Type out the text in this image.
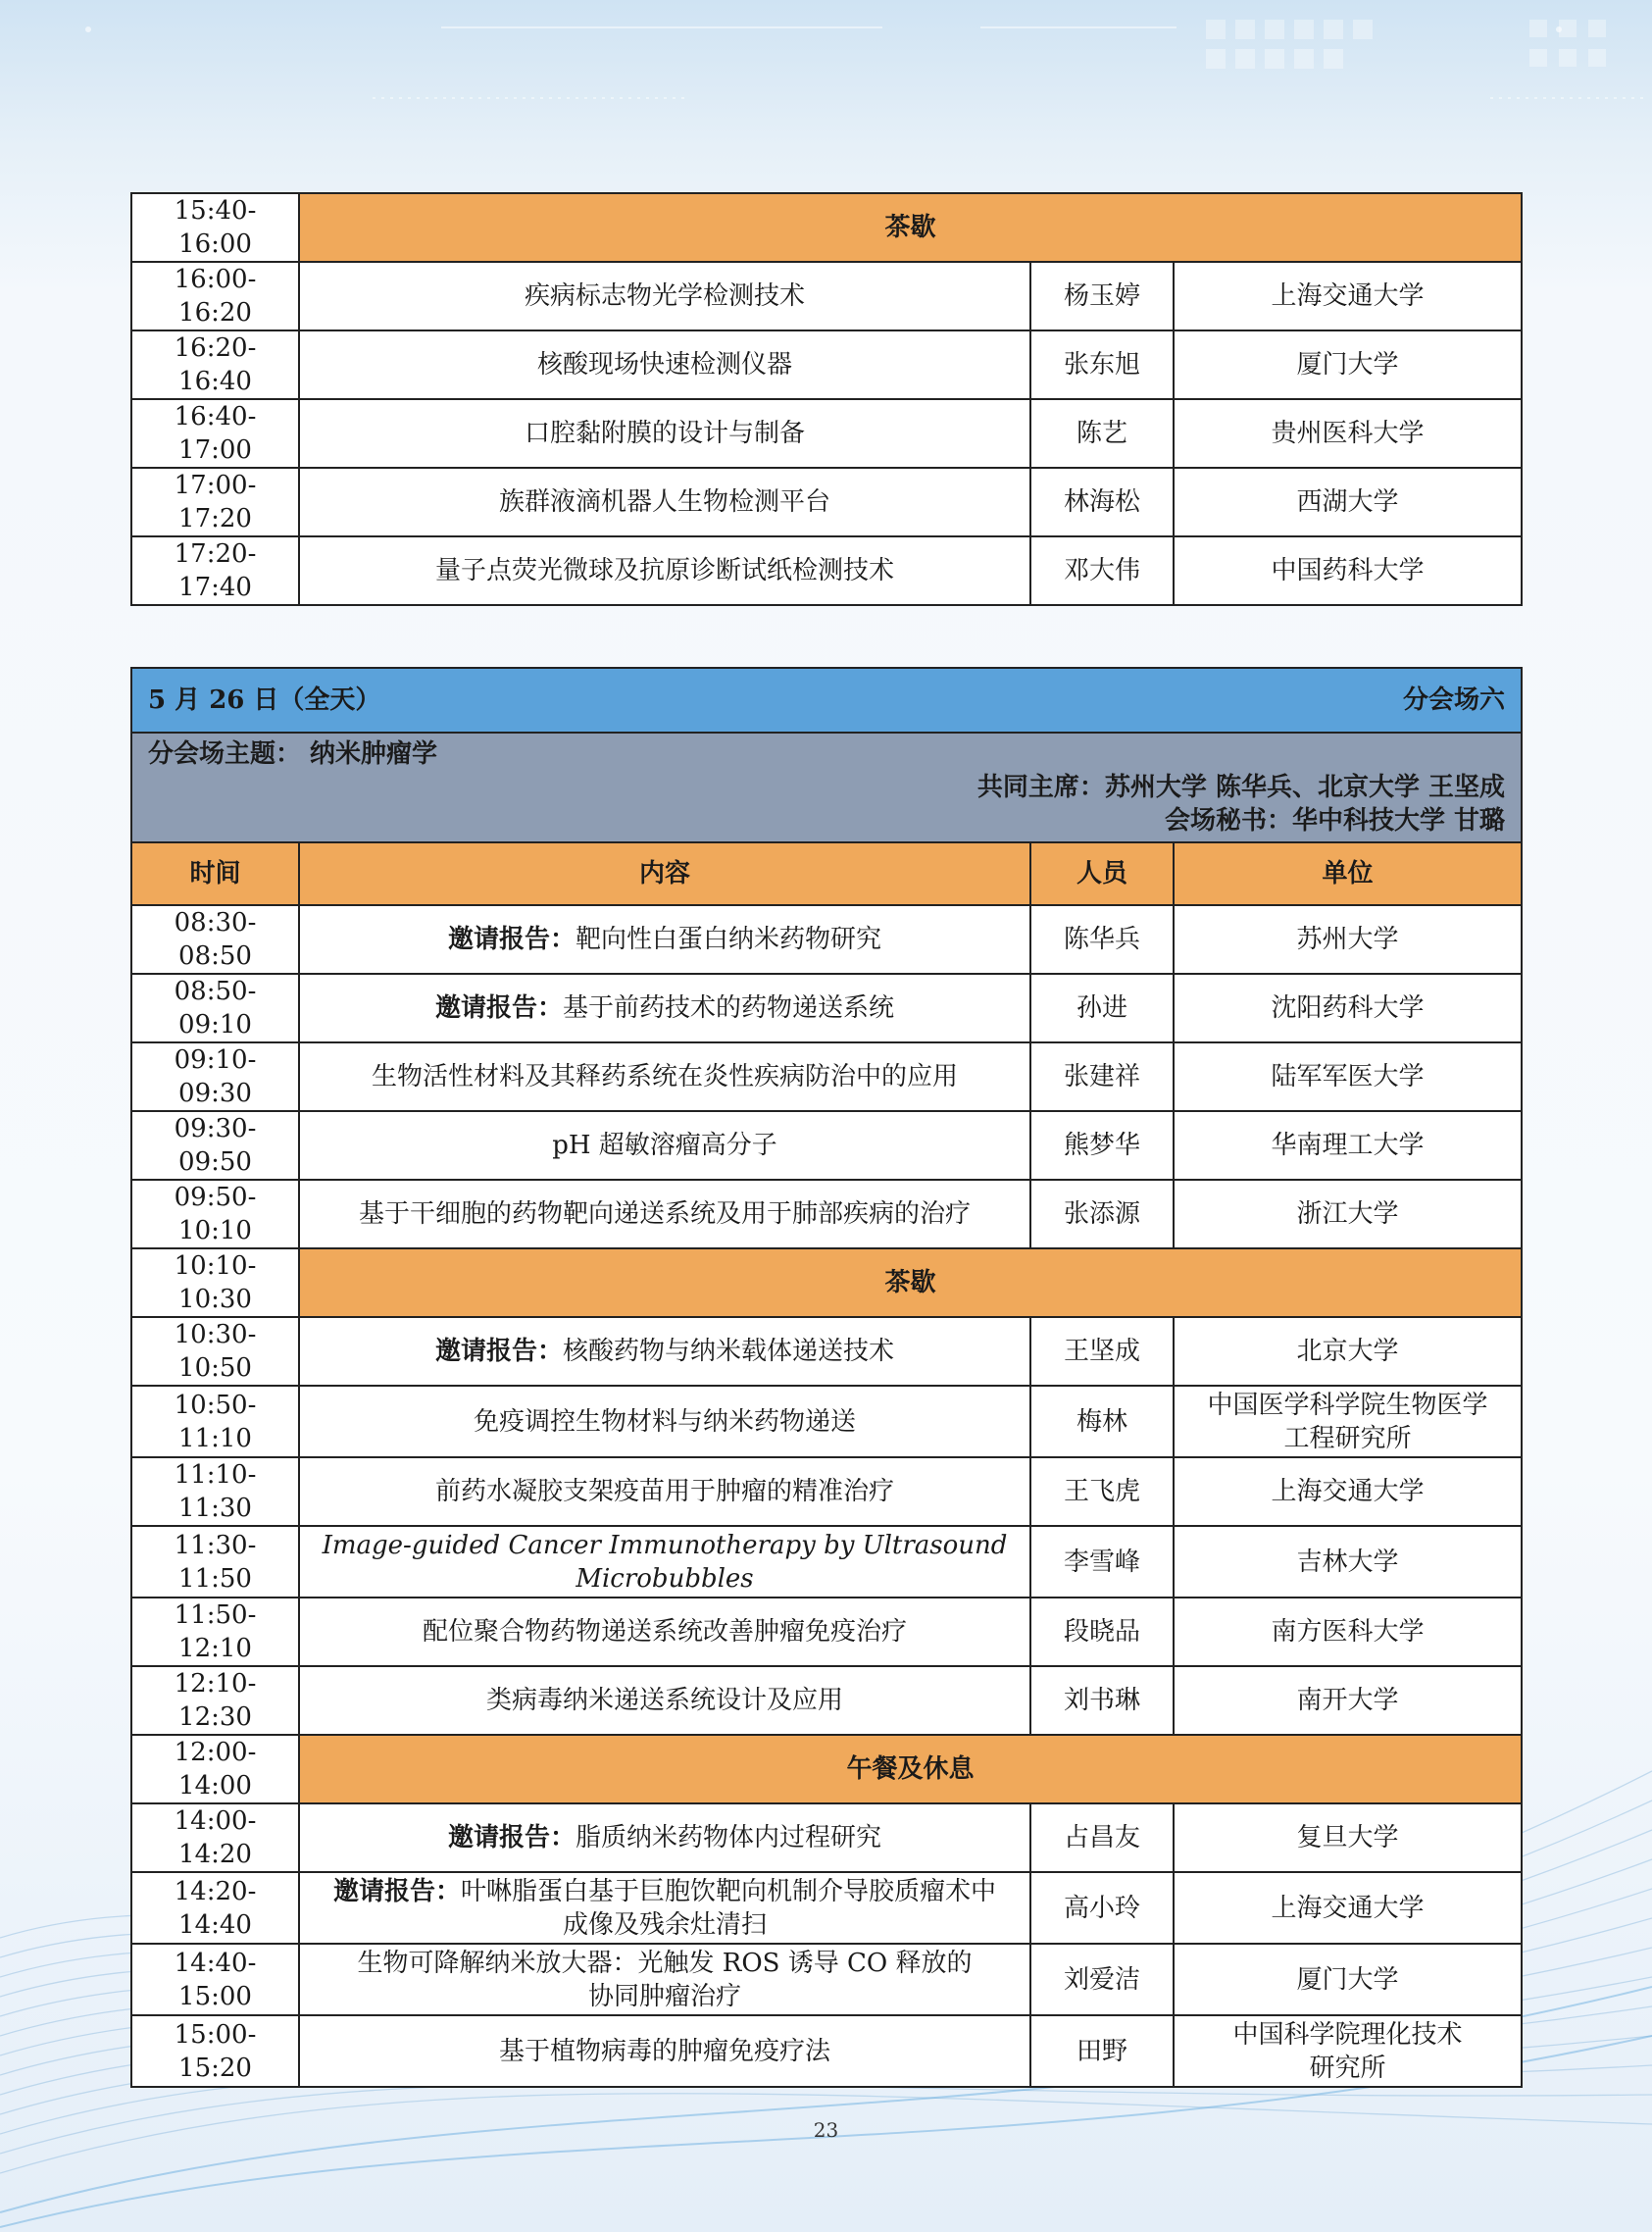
15:40-16:00	茶歇		
16:00-16:20	疾病标志物光学检测技术	杨玉婷	上海交通大学
16:20-16:40	核酸现场快速检测仪器	张东旭	厦门大学
16:40-17:00	口腔黏附膜的设计与制备	陈艺	贵州医科大学
17:00-17:20	族群液滴机器人生物检测平台	林海松	西湖大学
17:20-17:40	量子点荧光微球及抗原诊断试纸检测技术	邓大伟	中国药科大学
5 月 26 日（全天） 分会场六			

分会场主题： 纳米肿瘤学
共同主席：苏州大学 陈华兵、北京大学 王坚成
会场秘书：华中科技大学 甘璐			

时间	内容	人员	单位
08:30-08:50	邀请报告：靶向性白蛋白纳米药物研究	陈华兵	苏州大学
08:50-09:10	邀请报告：基于前药技术的药物递送系统	孙进	沈阳药科大学
09:10-09:30	生物活性材料及其释药系统在炎性疾病防治中的应用	张建祥	陆军军医大学
09:30-09:50	pH 超敏溶瘤高分子	熊梦华	华南理工大学
09:50-10:10	基于干细胞的药物靶向递送系统及用于肺部疾病的治疗	张添源	浙江大学
10:10-10:30	茶歇		
10:30-10:50	邀请报告：核酸药物与纳米载体递送技术	王坚成	北京大学
10:50-11:10	免疫调控生物材料与纳米药物递送	梅林	中国医学科学院生物医学
工程研究所
11:10-11:30	前药水凝胶支架疫苗用于肿瘤的精准治疗	王飞虎	上海交通大学
11:30-11:50	Image-guided Cancer Immunotherapy by Ultrasound
Microbubbles	李雪峰	吉林大学
11:50-12:10	配位聚合物药物递送系统改善肿瘤免疫治疗	段晓品	南方医科大学
12:10-12:30	类病毒纳米递送系统设计及应用	刘书琳	南开大学
12:00-14:00	午餐及休息		
14:00-14:20	邀请报告：脂质纳米药物体内过程研究	占昌友	复旦大学
14:20-14:40	邀请报告：叶啉脂蛋白基于巨胞饮靶向机制介导胶质瘤术中
成像及残余灶清扫	高小玲	上海交通大学
14:40-15:00	生物可降解纳米放大器：光触发 ROS 诱导 CO 释放的
协同肿瘤治疗	刘爱洁	厦门大学
15:00-15:20	基于植物病毒的肿瘤免疫疗法	田野	中国科学院理化技术
研究所
23
